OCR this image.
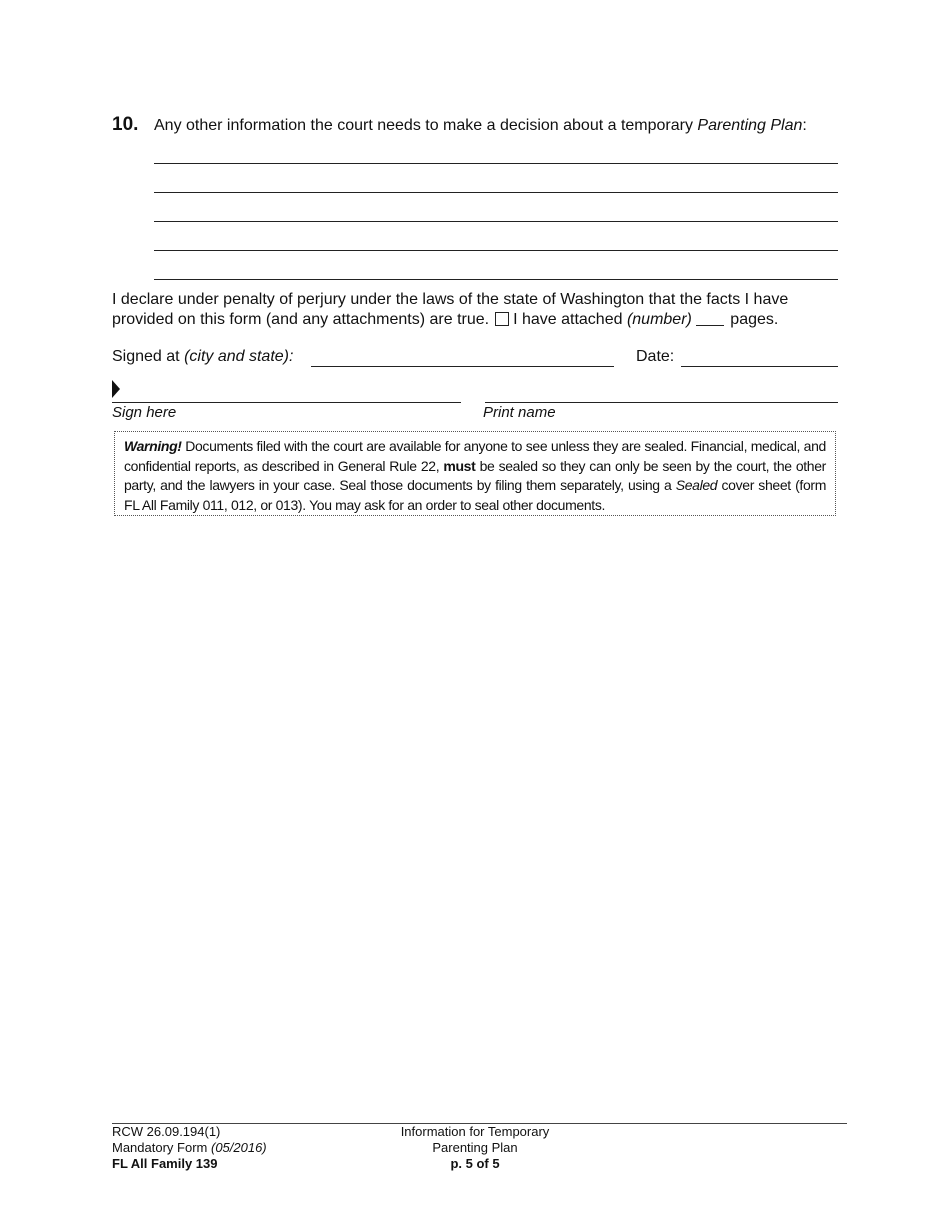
10. Any other information the court needs to make a decision about a temporary Parenting Plan:
I declare under penalty of perjury under the laws of the state of Washington that the facts I have
provided on this form (and any attachments) are true. I have attached (number) pages.
Signed at (city and state):	Date:
Sign here	Print name
Warning! Documents filed with the court are available for anyone to see unless they are sealed. Financial, medical, and confidential reports, as described in General Rule 22, must be sealed so they can only be seen by the court, the other party, and the lawyers in your case. Seal those documents by filing them separately, using a Sealed cover sheet (form FL All Family 011, 012, or 013). You may ask for an order to seal other documents.
RCW 26.09.194(1)
Mandatory Form (05/2016)
FL All Family 139
Information for Temporary
Parenting Plan
p. 5 of 5
